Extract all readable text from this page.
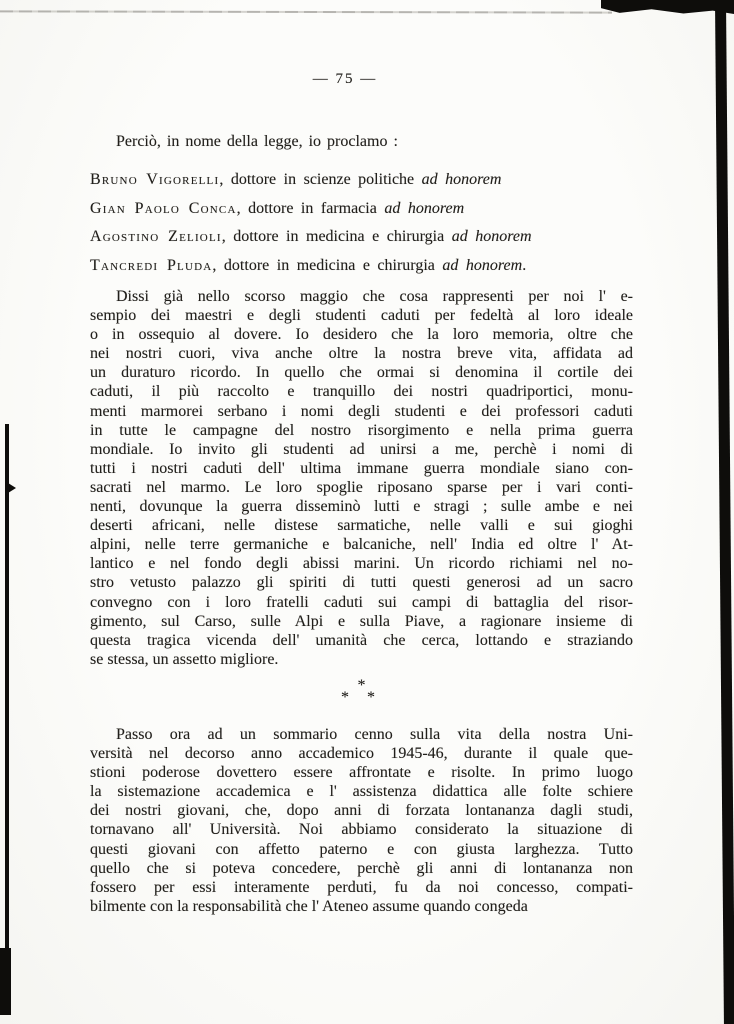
— 75 —
Perciò, in nome della legge, io proclamo :
Bruno Vigorelli, dottore in scienze politiche ad honorem
Gian Paolo Conca, dottore in farmacia ad honorem
Agostino Zelioli, dottore in medicina e chirurgia ad honorem
Tancredi Pluda, dottore in medicina e chirurgia ad honorem.
Dissi già nello scorso maggio che cosa rappresenti per noi l' e-
sempio dei maestri e degli studenti caduti per fedeltà al loro ideale
o in ossequio al dovere. Io desidero che la loro memoria, oltre che
nei nostri cuori, viva anche oltre la nostra breve vita, affidata ad
un duraturo ricordo. In quello che ormai si denomina il cortile dei
caduti, il più raccolto e tranquillo dei nostri quadriportici, monu-
menti marmorei serbano i nomi degli studenti e dei professori caduti
in tutte le campagne del nostro risorgimento e nella prima guerra
mondiale. Io invito gli studenti ad unirsi a me, perchè i nomi di
tutti i nostri caduti dell' ultima immane guerra mondiale siano con-
sacrati nel marmo. Le loro spoglie riposano sparse per i vari conti-
nenti, dovunque la guerra disseminò lutti e stragi ; sulle ambe e nei
deserti africani, nelle distese sarmatiche, nelle valli e sui gioghi
alpini, nelle terre germaniche e balcaniche, nell' India ed oltre l' At-
lantico e nel fondo degli abissi marini. Un ricordo richiami nel no-
stro vetusto palazzo gli spiriti di tutti questi generosi ad un sacro
convegno con i loro fratelli caduti sui campi di battaglia del risor-
gimento, sul Carso, sulle Alpi e sulla Piave, a ragionare insieme di
questa tragica vicenda dell' umanità che cerca, lottando e straziando
se stessa, un assetto migliore.
*
* *
Passo ora ad un sommario cenno sulla vita della nostra Uni-
versità nel decorso anno accademico 1945-46, durante il quale que-
stioni poderose dovettero essere affrontate e risolte. In primo luogo
la sistemazione accademica e l' assistenza didattica alle folte schiere
dei nostri giovani, che, dopo anni di forzata lontananza dagli studi,
tornavano all' Università. Noi abbiamo considerato la situazione di
questi giovani con affetto paterno e con giusta larghezza. Tutto
quello che si poteva concedere, perchè gli anni di lontananza non
fossero per essi interamente perduti, fu da noi concesso, compati-
bilmente con la responsabilità che l' Ateneo assume quando congeda
